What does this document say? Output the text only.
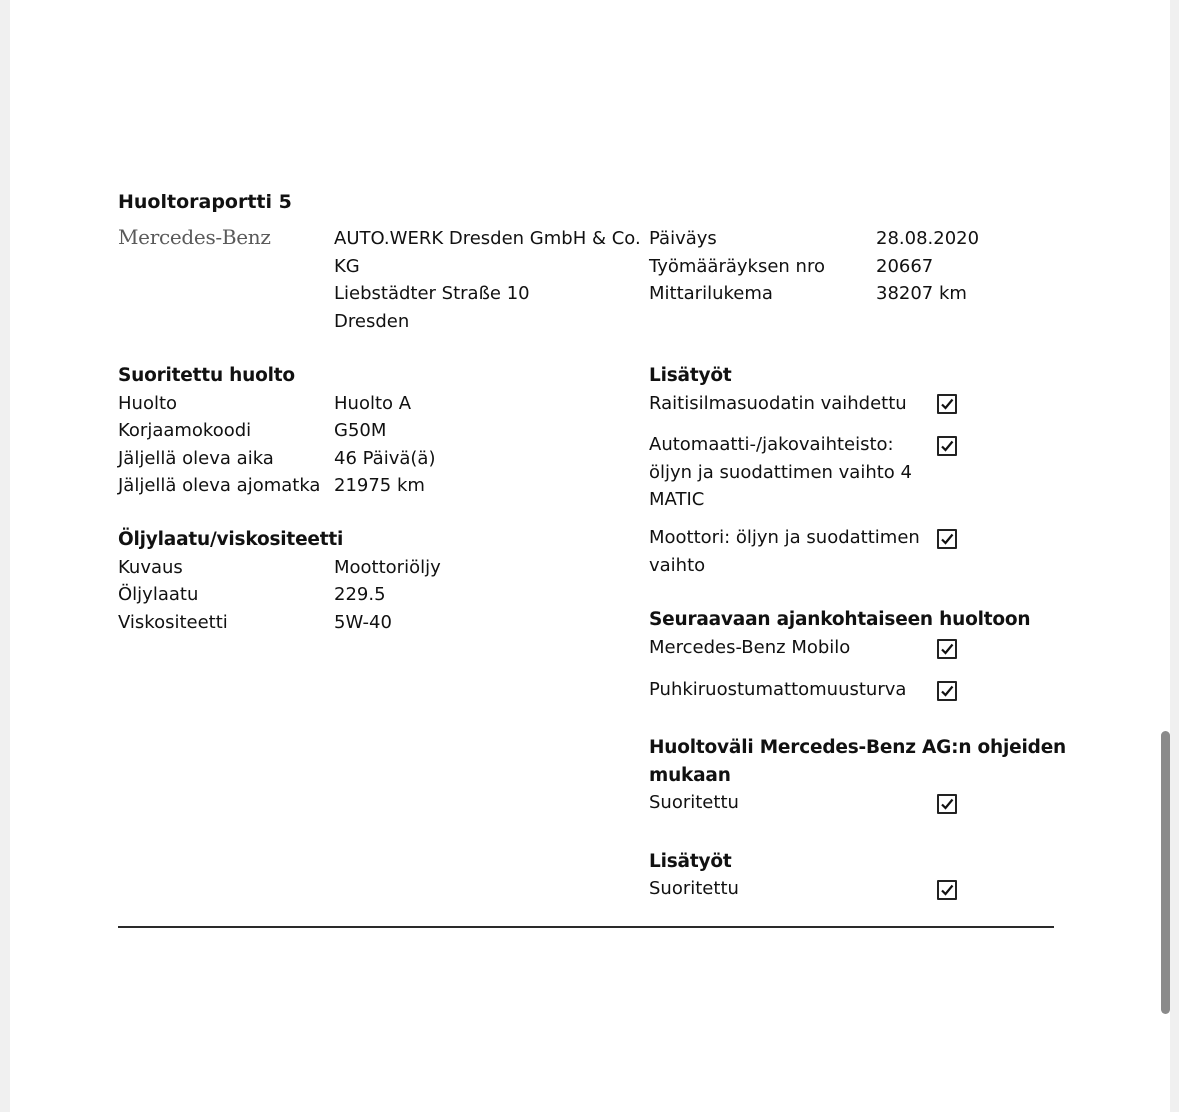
Huoltoraportti 5
Mercedes-Benz	AUTO.WERK Dresden GmbH & Co.
KG
Liebstädter Straße 10
Dresden
Päiväys	28.08.2020
Työmääräyksen nro	20667
Mittarilukema	38207 km
Suoritettu huolto
Huolto	Huolto A
Korjaamokoodi	G50M
Jäljellä oleva aika	46 Päivä(ä)
Jäljellä oleva ajomatka 21975 km
Öljylaatu/viskositeetti
Kuvaus	Moottoriöljy
Öljylaatu	229.5
Viskositeetti	5W-40
Lisätyöt
Raitisilmasuodatin vaihdettu
Automaatti-/jakovaihteisto:
öljyn ja suodattimen vaihto 4
MATIC
Moottori: öljyn ja suodattimen
vaihto
Seuraavaan ajankohtaiseen huoltoon
Mercedes-Benz Mobilo
Puhkiruostumattomuusturva
Huoltoväli Mercedes-Benz AG:n ohjeiden
mukaan
Suoritettu
Lisätyöt
Suoritettu
